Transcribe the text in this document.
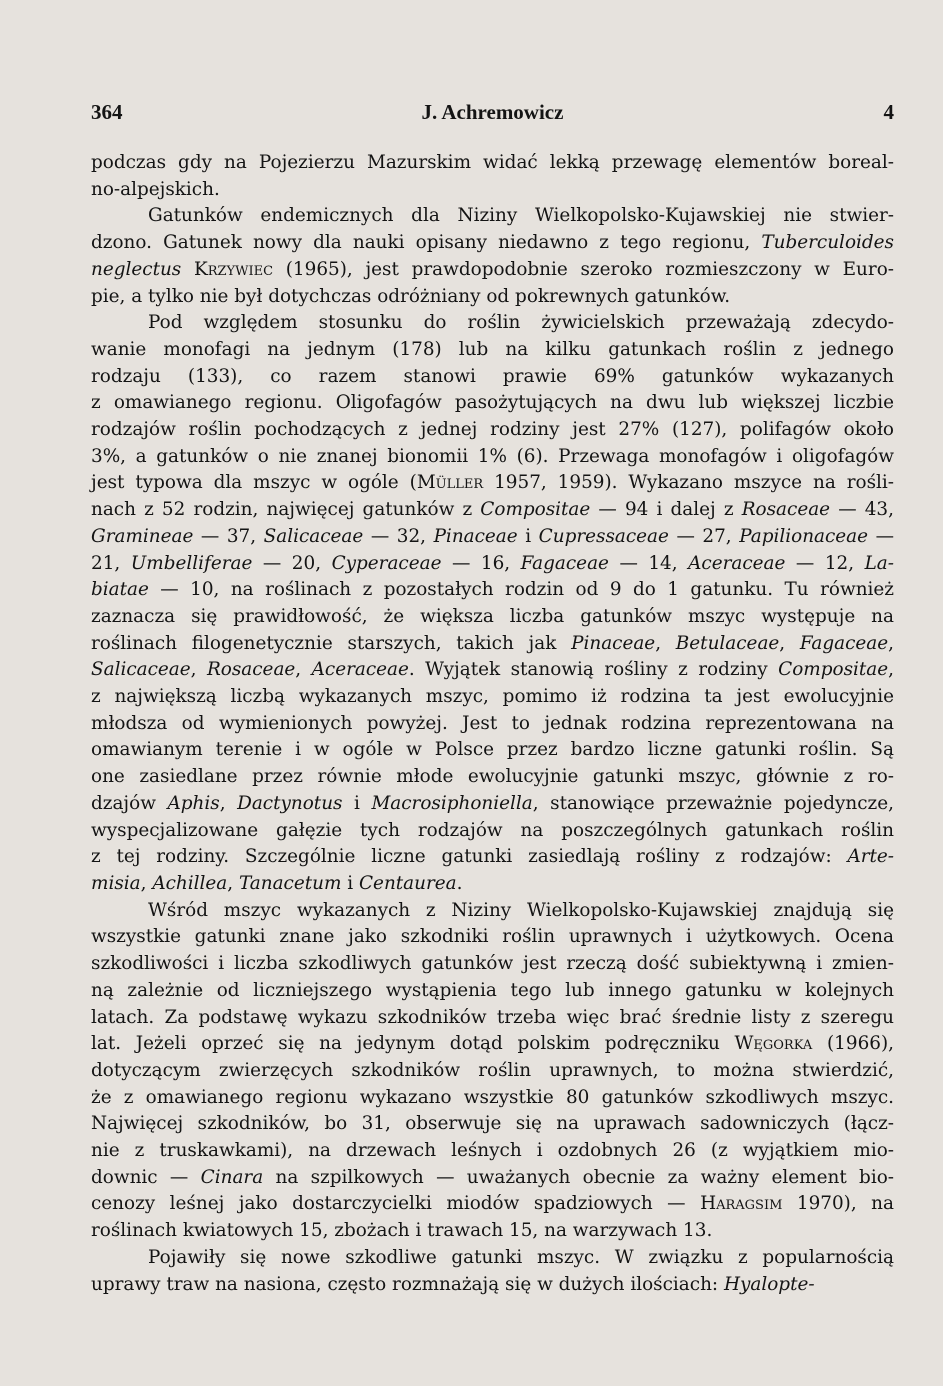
364	J. Achremowicz	4

podczas gdy na Pojezierzu Mazurskim widać lekką przewagę elementów boreal-
no-alpejskich.

Gatunków endemicznych dla Niziny Wielkopolsko-Kujawskiej nie stwier-
dzono. Gatunek nowy dla nauki opisany niedawno z tego regionu, Tuberculoides
neglectus Krzywiec (1965), jest prawdopodobnie szeroko rozmieszczony w Euro-
pie, a tylko nie był dotychczas odróżniany od pokrewnych gatunków.

Pod względem stosunku do roślin żywicielskich przeważają zdecydo-
wanie monofagi na jednym (178) lub na kilku gatunkach roślin z jednego
rodzaju (133), co razem stanowi prawie 69% gatunków wykazanych
z omawianego regionu. Oligofagów pasożytujących na dwu lub większej liczbie
rodzajów roślin pochodzących z jednej rodziny jest 27% (127), polifagów około
3%, a gatunków o nie znanej bionomii 1% (6). Przewaga monofagów i oligofagów
jest typowa dla mszyc w ogóle (Müller 1957, 1959). Wykazano mszyce na rośli-
nach z 52 rodzin, najwięcej gatunków z Compositae — 94 i dalej z Rosaceae — 43,
Gramineae — 37, Salicaceae — 32, Pinaceae i Cupressaceae — 27, Papilionaceae —
21, Umbelliferae — 20, Cyperaceae — 16, Fagaceae — 14, Aceraceae — 12, La-
biatae — 10, na roślinach z pozostałych rodzin od 9 do 1 gatunku. Tu również
zaznacza się prawidłowość, że większa liczba gatunków mszyc występuje na
roślinach filogenetycznie starszych, takich jak Pinaceae, Betulaceae, Fagaceae,
Salicaceae, Rosaceae, Aceraceae. Wyjątek stanowią rośliny z rodziny Compositae,
z największą liczbą wykazanych mszyc, pomimo iż rodzina ta jest ewolucyjnie
młodsza od wymienionych powyżej. Jest to jednak rodzina reprezentowana na
omawianym terenie i w ogóle w Polsce przez bardzo liczne gatunki roślin. Są
one zasiedlane przez równie młode ewolucyjnie gatunki mszyc, głównie z ro-
dzajów Aphis, Dactynotus i Macrosiphoniella, stanowiące przeważnie pojedyncze,
wyspecjalizowane gałęzie tych rodzajów na poszczególnych gatunkach roślin
z tej rodziny. Szczególnie liczne gatunki zasiedlają rośliny z rodzajów: Arte-
misia, Achillea, Tanacetum i Centaurea.

Wśród mszyc wykazanych z Niziny Wielkopolsko-Kujawskiej znajdują się
wszystkie gatunki znane jako szkodniki roślin uprawnych i użytkowych. Ocena
szkodliwości i liczba szkodliwych gatunków jest rzeczą dość subiektywną i zmien-
ną zależnie od liczniejszego wystąpienia tego lub innego gatunku w kolejnych
latach. Za podstawę wykazu szkodników trzeba więc brać średnie listy z szeregu
lat. Jeżeli oprzeć się na jedynym dotąd polskim podręczniku Węgorka (1966),
dotyczącym zwierzęcych szkodników roślin uprawnych, to można stwierdzić,
że z omawianego regionu wykazano wszystkie 80 gatunków szkodliwych mszyc.
Najwięcej szkodników, bo 31, obserwuje się na uprawach sadowniczych (łącz-
nie z truskawkami), na drzewach leśnych i ozdobnych 26 (z wyjątkiem mio-
downic — Cinara na szpilkowych — uważanych obecnie za ważny element bio-
cenozy leśnej jako dostarczycielki miodów spadziowych — Haragsim 1970), na
roślinach kwiatowych 15, zbożach i trawach 15, na warzywach 13.

Pojawiły się nowe szkodliwe gatunki mszyc. W związku z popularnością
uprawy traw na nasiona, często rozmnażają się w dużych ilościach: Hyalopte-
